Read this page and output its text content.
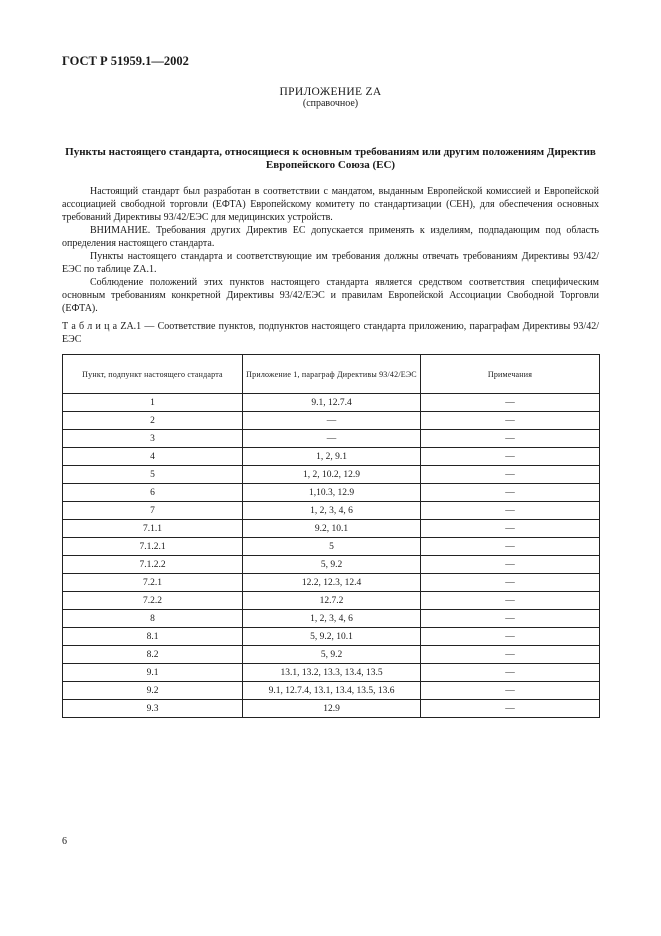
ГОСТ Р 51959.1—2002
ПРИЛОЖЕНИЕ ZA
(справочное)
Пункты настоящего стандарта, относящиеся к основным требованиям или другим положениям Директив Европейского Союза (ЕС)

Настоящий стандарт был разработан в соответствии с мандатом, выданным Европейской комиссией и Европейской ассоциацией свободной торговли (ЕФТА) Европейскому комитету по стандартизации (СЕН), для обеспечения основных требований Директивы 93/42/ЕЭС для медицинских устройств.

ВНИМАНИЕ. Требования других Директив ЕС допускается применять к изделиям, подпадающим под область определения настоящего стандарта.

Пункты настоящего стандарта и соответствующие им требования должны отвечать требованиям Директивы 93/42/ЕЭС по таблице ZA.1.

Соблюдение положений этих пунктов настоящего стандарта является средством соответствия специфическим основным требованиям конкретной Директивы 93/42/ЕЭС и правилам Европейской Ассоциации Свободной Торговли (ЕФТА).

Т а б л и ц а ZA.1 — Соответствие пунктов, подпунктов настоящего стандарта приложению, параграфам Директивы 93/42/ЕЭС
Пункт, подпункт настоящего стандарта	Приложение 1, параграф Директивы 93/42/ЕЭС	Примечания
1	9.1, 12.7.4	—
2	—	—
3	—	—
4	1, 2, 9.1	—
5	1, 2, 10.2, 12.9	—
6	1,10.3, 12.9	—
7	1, 2, 3, 4, 6	—
7.1.1	9.2, 10.1	—
7.1.2.1	5	—
7.1.2.2	5, 9.2	—
7.2.1	12.2, 12.3, 12.4	—
7.2.2	12.7.2	—
8	1, 2, 3, 4, 6	—
8.1	5, 9.2, 10.1	—
8.2	5, 9.2	—
9.1	13.1, 13.2, 13.3, 13.4, 13.5	—
9.2	9.1, 12.7.4, 13.1, 13.4, 13.5, 13.6	—
9.3	12.9	—
6
